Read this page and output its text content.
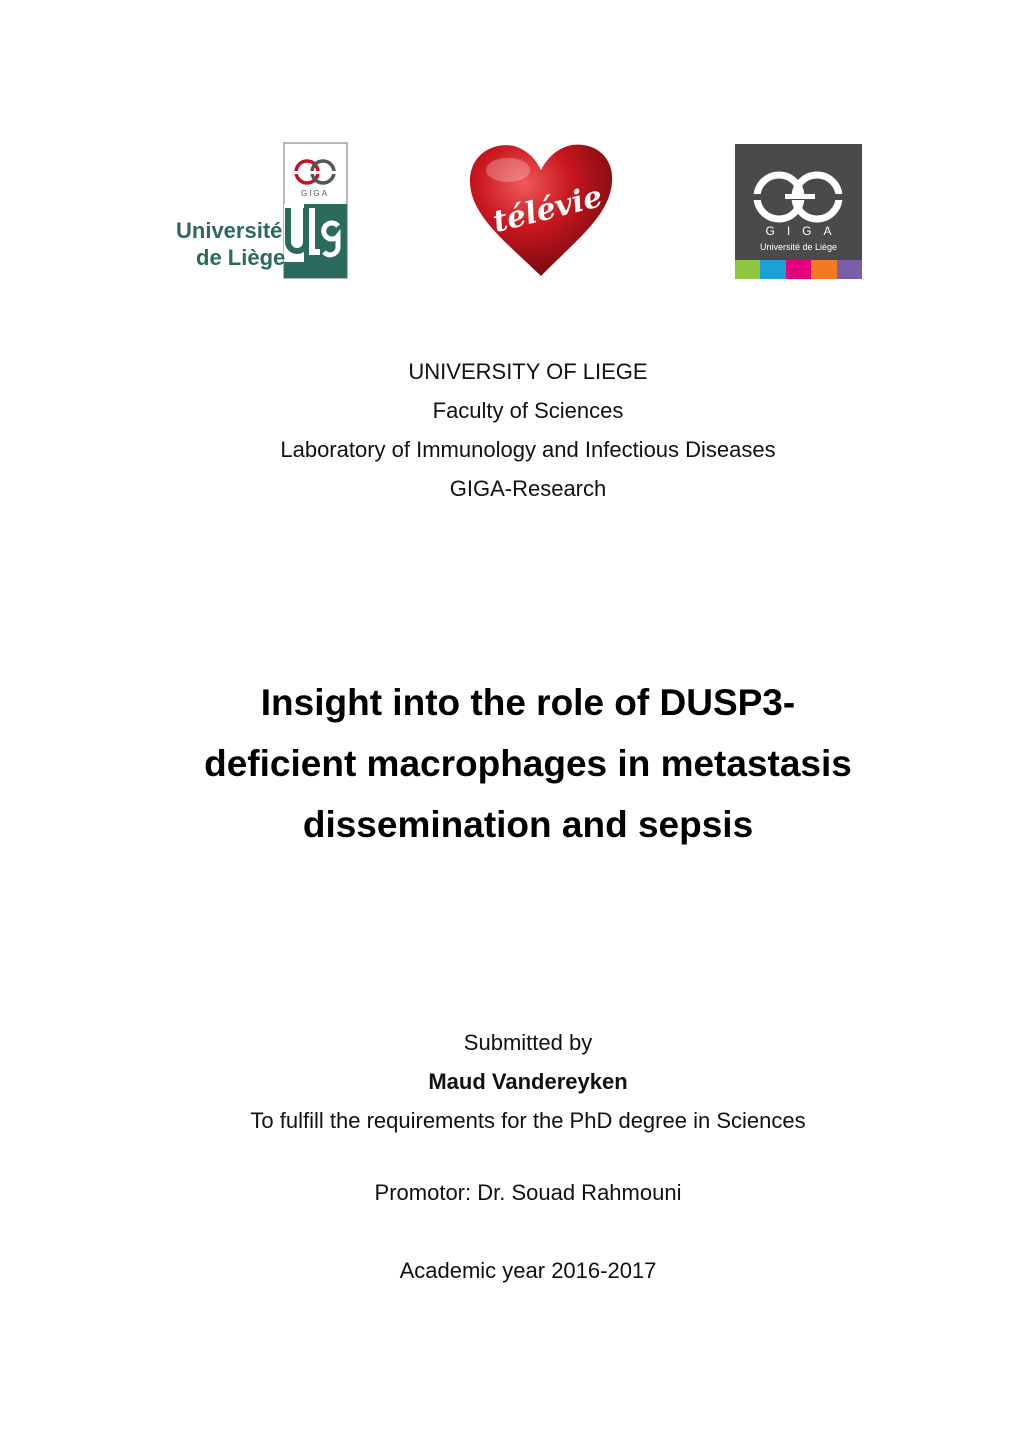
GIGA
Université
de Liège
télévie	GIGA
Université de Liège
UNIVERSITY OF LIEGE
Faculty of Sciences
Laboratory of Immunology and Infectious Diseases
GIGA-Research
Insight into the role of DUSP3-
deficient macrophages in metastasis
dissemination and sepsis
Submitted by
Maud Vandereyken
To fulfill the requirements for the PhD degree in Sciences
Promotor: Dr. Souad Rahmouni
Academic year 2016-2017
